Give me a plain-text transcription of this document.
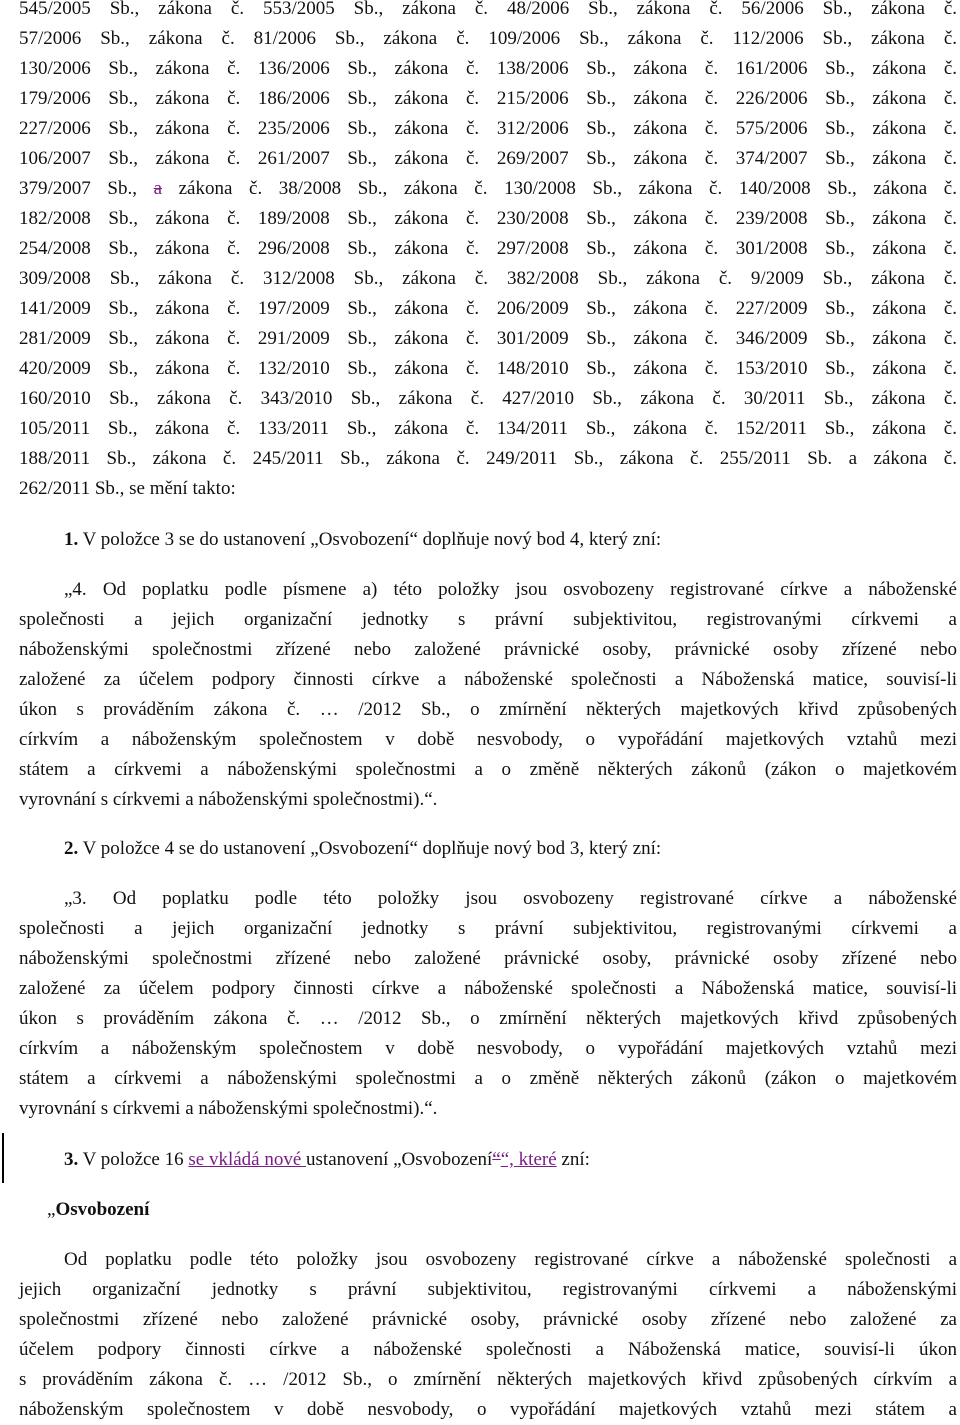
545/2005 Sb., zákona č. 553/2005 Sb., zákona č. 48/2006 Sb., zákona č. 56/2006 Sb., zákona č.

57/2006 Sb., zákona č. 81/2006 Sb., zákona č. 109/2006 Sb., zákona č. 112/2006 Sb., zákona č.

130/2006 Sb., zákona č. 136/2006 Sb., zákona č. 138/2006 Sb., zákona č. 161/2006 Sb., zákona č.

179/2006 Sb., zákona č. 186/2006 Sb., zákona č. 215/2006 Sb., zákona č. 226/2006 Sb., zákona č.

227/2006 Sb., zákona č. 235/2006 Sb., zákona č. 312/2006 Sb., zákona č. 575/2006 Sb., zákona č.

106/2007 Sb., zákona č. 261/2007 Sb., zákona č. 269/2007 Sb., zákona č. 374/2007 Sb., zákona č.

379/2007 Sb., a zákona č. 38/2008 Sb., zákona č. 130/2008 Sb., zákona č. 140/2008 Sb., zákona č.

182/2008 Sb., zákona č. 189/2008 Sb., zákona č. 230/2008 Sb., zákona č. 239/2008 Sb., zákona č.

254/2008 Sb., zákona č. 296/2008 Sb., zákona č. 297/2008 Sb., zákona č. 301/2008 Sb., zákona č.

309/2008 Sb., zákona č. 312/2008 Sb., zákona č. 382/2008 Sb., zákona č. 9/2009 Sb., zákona č.

141/2009 Sb., zákona č. 197/2009 Sb., zákona č. 206/2009 Sb., zákona č. 227/2009 Sb., zákona č.

281/2009 Sb., zákona č. 291/2009 Sb., zákona č. 301/2009 Sb., zákona č. 346/2009 Sb., zákona č.

420/2009 Sb., zákona č. 132/2010 Sb., zákona č. 148/2010 Sb., zákona č. 153/2010 Sb., zákona č.

160/2010 Sb., zákona č. 343/2010 Sb., zákona č. 427/2010 Sb., zákona č. 30/2011 Sb., zákona č.

105/2011 Sb., zákona č. 133/2011 Sb., zákona č. 134/2011 Sb., zákona č. 152/2011 Sb., zákona č.

188/2011 Sb., zákona č. 245/2011 Sb., zákona č. 249/2011 Sb., zákona č. 255/2011 Sb. a zákona č.

262/2011 Sb., se mění takto:

1. V položce 3 se do ustanovení „Osvobození“ doplňuje nový bod 4, který zní:

„4. Od poplatku podle písmene a) této položky jsou osvobozeny registrované církve a náboženské

společnosti a jejich organizační jednotky s právní subjektivitou, registrovanými církvemi a

náboženskými společnostmi zřízené nebo založené právnické osoby, právnické osoby zřízené nebo

založené za účelem podpory činnosti církve a náboženské společnosti a Náboženská matice, souvisí-li

úkon s prováděním zákona č. … /2012 Sb., o zmírnění některých majetkových křivd způsobených

církvím a náboženským společnostem v době nesvobody, o vypořádání majetkových vztahů mezi

státem a církvemi a náboženskými společnostmi a o změně některých zákonů (zákon o majetkovém

vyrovnání s církvemi a náboženskými společnostmi).“.

2. V položce 4 se do ustanovení „Osvobození“ doplňuje nový bod 3, který zní:

„3. Od poplatku podle této položky jsou osvobozeny registrované církve a náboženské

společnosti a jejich organizační jednotky s právní subjektivitou, registrovanými církvemi a

náboženskými společnostmi zřízené nebo založené právnické osoby, právnické osoby zřízené nebo

založené za účelem podpory činnosti církve a náboženské společnosti a Náboženská matice, souvisí-li

úkon s prováděním zákona č. … /2012 Sb., o zmírnění některých majetkových křivd způsobených

církvím a náboženským společnostem v době nesvobody, o vypořádání majetkových vztahů mezi

státem a církvemi a náboženskými společnostmi a o změně některých zákonů (zákon o majetkovém

vyrovnání s církvemi a náboženskými společnostmi).“.

3. V položce 16 se vkládá nové ustanovení „Osvobození““, které zní:

„Osvobození

Od poplatku podle této položky jsou osvobozeny registrované církve a náboženské společnosti a

jejich organizační jednotky s právní subjektivitou, registrovanými církvemi a náboženskými

společnostmi zřízené nebo založené právnické osoby, právnické osoby zřízené nebo založené za

účelem podpory činnosti církve a náboženské společnosti a Náboženská matice, souvisí-li úkon

s prováděním zákona č. … /2012 Sb., o zmírnění některých majetkových křivd způsobených církvím a

náboženským společnostem v době nesvobody, o vypořádání majetkových vztahů mezi státem a
